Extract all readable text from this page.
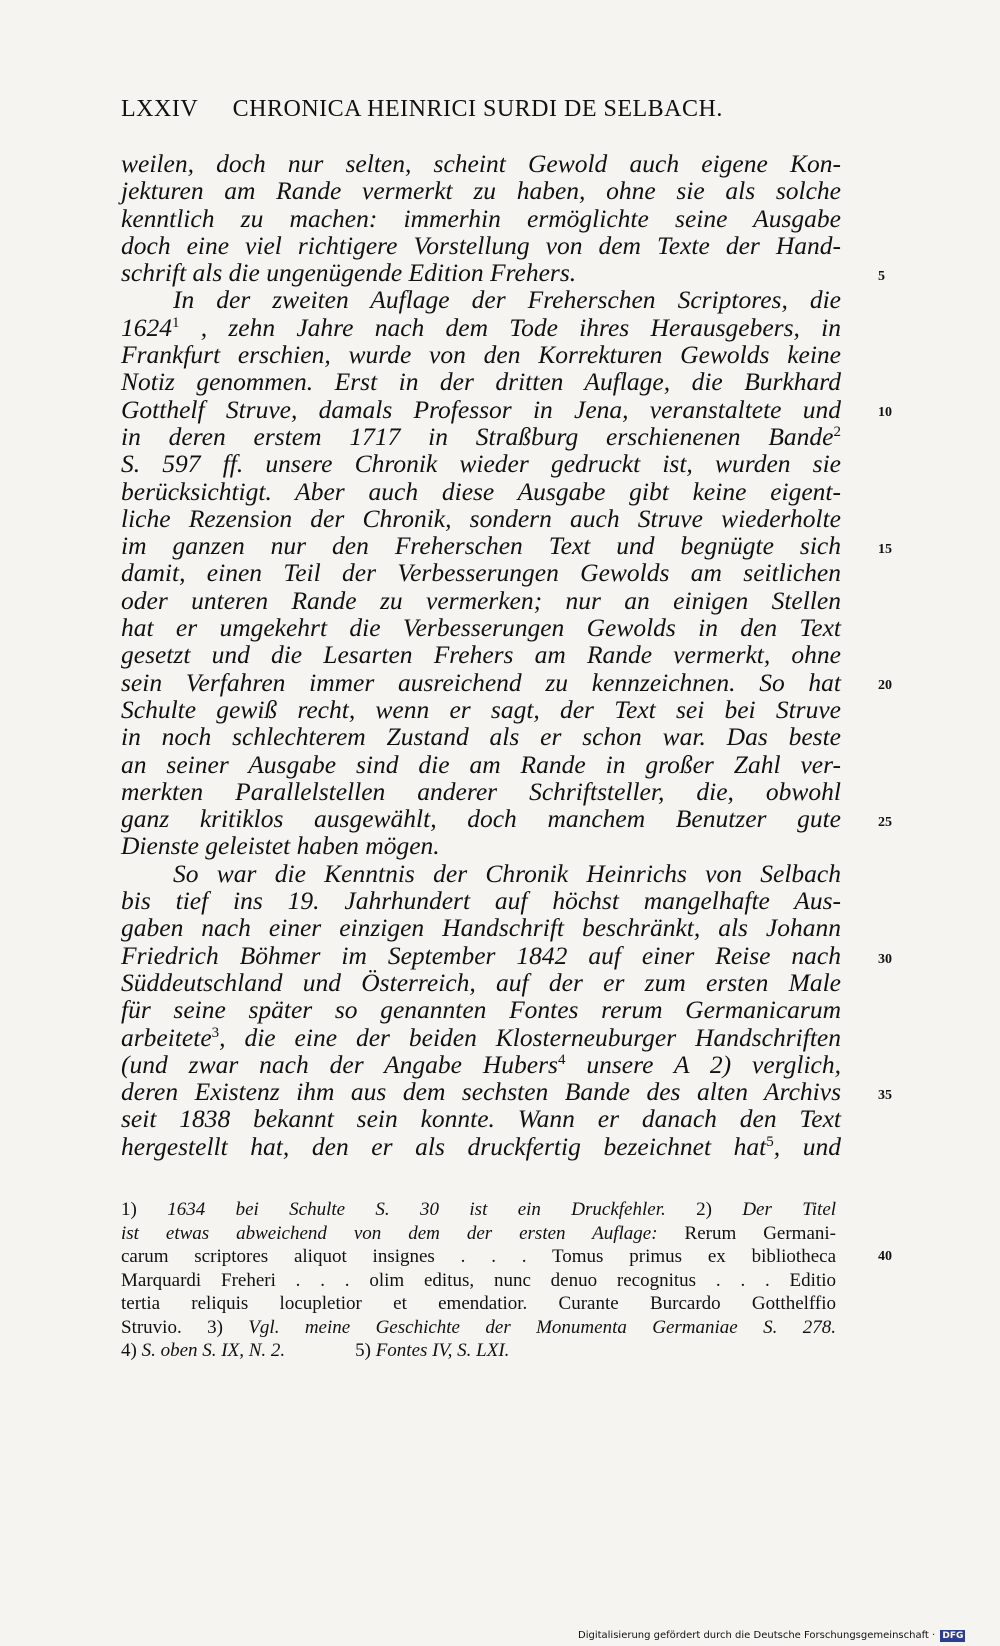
LXXIV CHRONICA HEINRICI SURDI DE SELBACH.
weilen, doch nur selten, scheint Gewold auch eigene Kon-
jekturen am Rande vermerkt zu haben, ohne sie als solche
kenntlich zu machen: immerhin ermöglichte seine Ausgabe
doch eine viel richtigere Vorstellung von dem Texte der Hand-
schrift als die ungenügende Edition Frehers.
In der zweiten Auflage der Freherschen Scriptores, die
1624$^1$ , zehn Jahre nach dem Tode ihres Herausgebers, in
Frankfurt erschien, wurde von den Korrekturen Gewolds keine
Notiz genommen. Erst in der dritten Auflage, die Burkhard
Gotthelf Struve, damals Professor in Jena, veranstaltete und
in deren erstem 1717 in Straßburg erschienenen Bande$^2$
S. 597 ff. unsere Chronik wieder gedruckt ist, wurden sie
berücksichtigt. Aber auch diese Ausgabe gibt keine eigent-
liche Rezension der Chronik, sondern auch Struve wiederholte
im ganzen nur den Freherschen Text und begnügte sich
damit, einen Teil der Verbesserungen Gewolds am seitlichen
oder unteren Rande zu vermerken; nur an einigen Stellen
hat er umgekehrt die Verbesserungen Gewolds in den Text
gesetzt und die Lesarten Frehers am Rande vermerkt, ohne
sein Verfahren immer ausreichend zu kennzeichnen. So hat
Schulte gewiß recht, wenn er sagt, der Text sei bei Struve
in noch schlechterem Zustand als er schon war. Das beste
an seiner Ausgabe sind die am Rande in großer Zahl ver-
merkten Parallelstellen anderer Schriftsteller, die, obwohl
ganz kritiklos ausgewählt, doch manchem Benutzer gute
Dienste geleistet haben mögen.
So war die Kenntnis der Chronik Heinrichs von Selbach
bis tief ins 19. Jahrhundert auf höchst mangelhafte Aus-
gaben nach einer einzigen Handschrift beschränkt, als Johann
Friedrich Böhmer im September 1842 auf einer Reise nach
Süddeutschland und Österreich, auf der er zum ersten Male
für seine später so genannten Fontes rerum Germanicarum
arbeitete$^3$, die eine der beiden Klosterneuburger Handschriften
(und zwar nach der Angabe Hubers$^4$ unsere A 2) verglich,
deren Existenz ihm aus dem sechsten Bande des alten Archivs
seit 1838 bekannt sein konnte. Wann er danach den Text
hergestellt hat, den er als druckfertig bezeichnet hat$^5$, und
5
10
15
20
25
30
35
40
1) 1634 bei Schulte S. 30 ist ein Druckfehler. 2) Der Titel
ist etwas abweichend von dem der ersten Auflage: Rerum Germani-
carum scriptores aliquot insignes . . . Tomus primus ex bibliotheca
Marquardi Freheri . . . olim editus, nunc denuo recognitus . . . Editio
tertia reliquis locupletior et emendatior. Curante Burcardo Gotthelffio
Struvio. 3) Vgl. meine Geschichte der Monumenta Germaniae S. 278.
4) S. oben S. IX, N. 2.	5) Fontes IV, S. LXI.
Digitalisierung gefördert durch die Deutsche Forschungsgemeinschaft · DFG
